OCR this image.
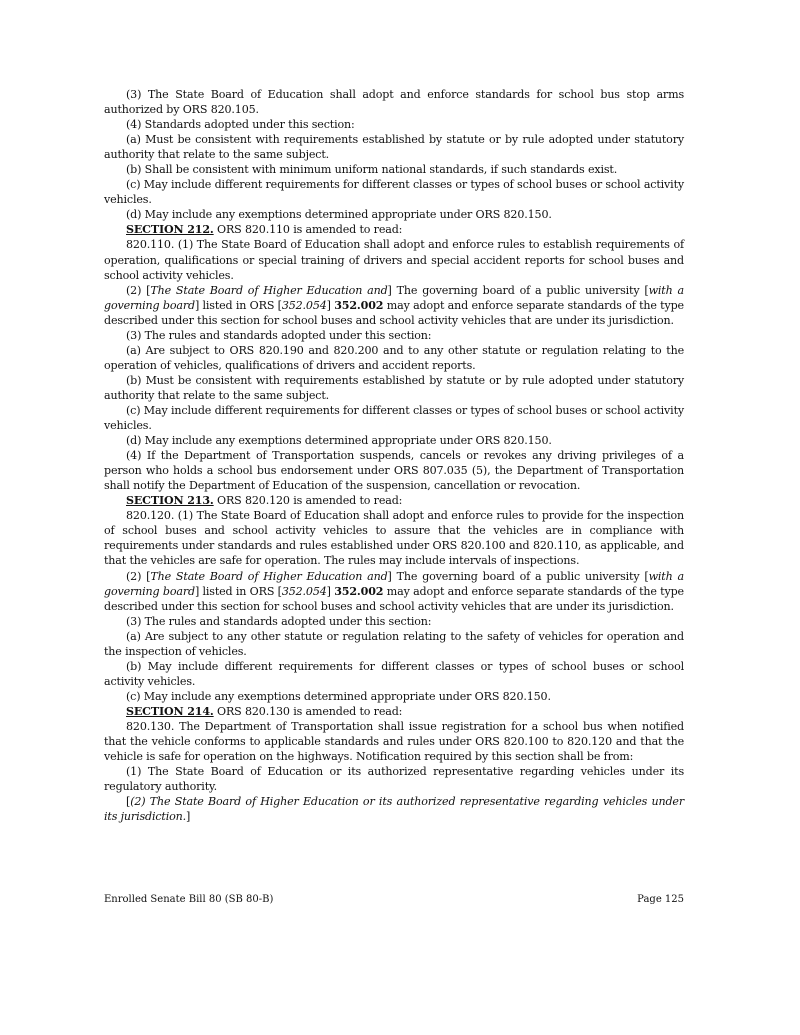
(3) The State Board of Education shall adopt and enforce standards for school bus stop arms authorized by ORS 820.105.

(4) Standards adopted under this section:

(a) Must be consistent with requirements established by statute or by rule adopted under statutory authority that relate to the same subject.

(b) Shall be consistent with minimum uniform national standards, if such standards exist.

(c) May include different requirements for different classes or types of school buses or school activity vehicles.

(d) May include any exemptions determined appropriate under ORS 820.150.

SECTION 212. ORS 820.110 is amended to read:

820.110. (1) The State Board of Education shall adopt and enforce rules to establish requirements of operation, qualifications or special training of drivers and special accident reports for school buses and school activity vehicles.

(2) [The State Board of Higher Education and] The governing board of a public university [with a governing board] listed in ORS [352.054] 352.002 may adopt and enforce separate standards of the type described under this section for school buses and school activity vehicles that are under its jurisdiction.

(3) The rules and standards adopted under this section:

(a) Are subject to ORS 820.190 and 820.200 and to any other statute or regulation relating to the operation of vehicles, qualifications of drivers and accident reports.

(b) Must be consistent with requirements established by statute or by rule adopted under statutory authority that relate to the same subject.

(c) May include different requirements for different classes or types of school buses or school activity vehicles.

(d) May include any exemptions determined appropriate under ORS 820.150.

(4) If the Department of Transportation suspends, cancels or revokes any driving privileges of a person who holds a school bus endorsement under ORS 807.035 (5), the Department of Transportation shall notify the Department of Education of the suspension, cancellation or revocation.

SECTION 213. ORS 820.120 is amended to read:

820.120. (1) The State Board of Education shall adopt and enforce rules to provide for the inspection of school buses and school activity vehicles to assure that the vehicles are in compliance with requirements under standards and rules established under ORS 820.100 and 820.110, as applicable, and that the vehicles are safe for operation. The rules may include intervals of inspections.

(2) [The State Board of Higher Education and] The governing board of a public university [with a governing board] listed in ORS [352.054] 352.002 may adopt and enforce separate standards of the type described under this section for school buses and school activity vehicles that are under its jurisdiction.

(3) The rules and standards adopted under this section:

(a) Are subject to any other statute or regulation relating to the safety of vehicles for operation and the inspection of vehicles.

(b) May include different requirements for different classes or types of school buses or school activity vehicles.

(c) May include any exemptions determined appropriate under ORS 820.150.

SECTION 214. ORS 820.130 is amended to read:

820.130. The Department of Transportation shall issue registration for a school bus when notified that the vehicle conforms to applicable standards and rules under ORS 820.100 to 820.120 and that the vehicle is safe for operation on the highways. Notification required by this section shall be from:

(1) The State Board of Education or its authorized representative regarding vehicles under its regulatory authority.

[(2) The State Board of Higher Education or its authorized representative regarding vehicles under its jurisdiction.]

Enrolled Senate Bill 80 (SB 80-B)	Page 125
